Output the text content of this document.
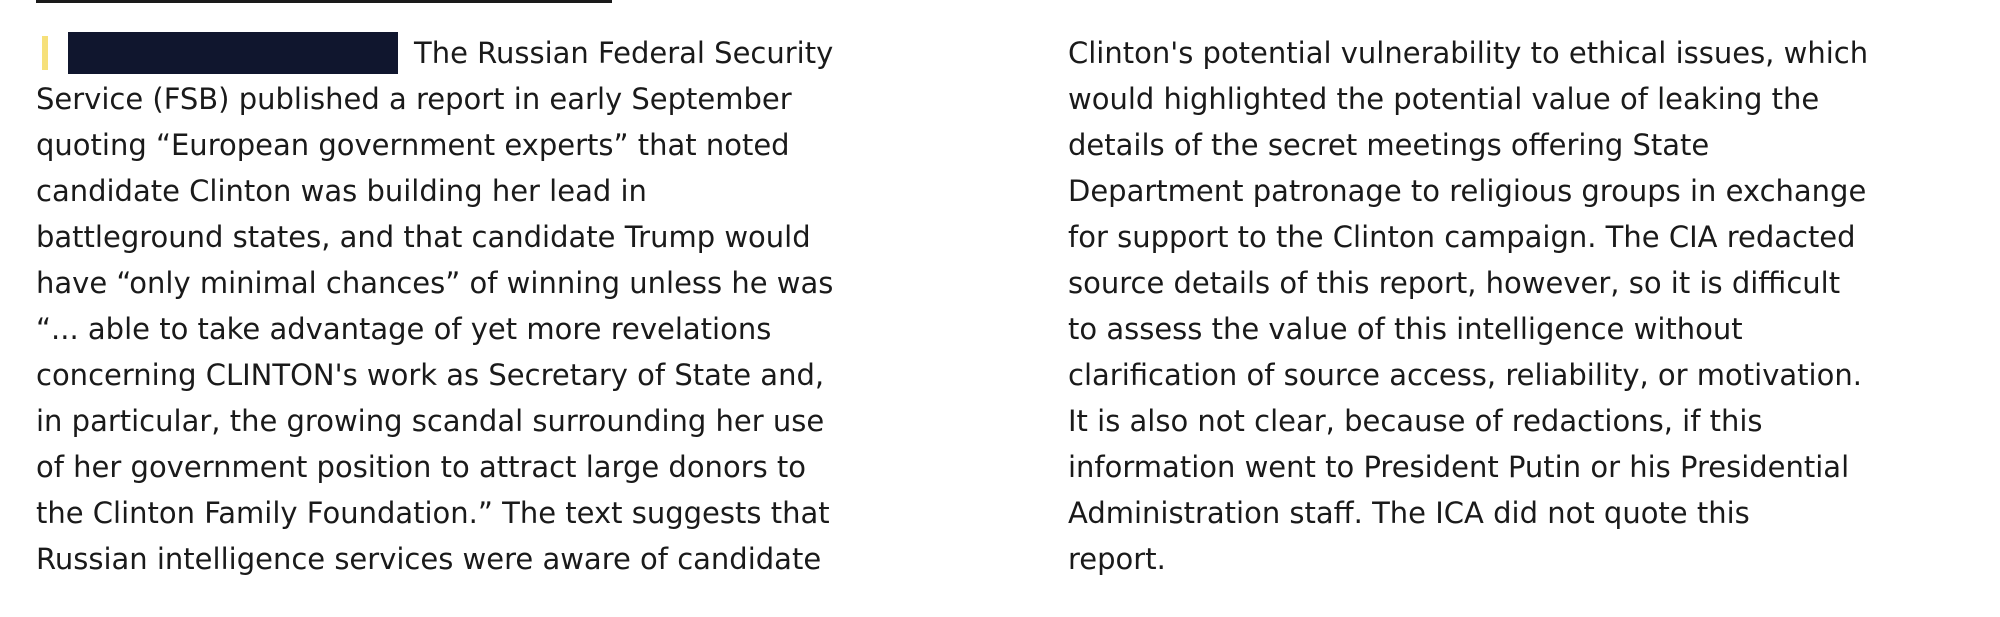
The Russian Federal Security
Service (FSB) published a report in early September
quoting “European government experts” that noted
candidate Clinton was building her lead in
battleground states, and that candidate Trump would
have “only minimal chances” of winning unless he was
“... able to take advantage of yet more revelations
concerning CLINTON's work as Secretary of State and,
in particular, the growing scandal surrounding her use
of her government position to attract large donors to
the Clinton Family Foundation.” The text suggests that
Russian intelligence services were aware of candidate
Clinton's potential vulnerability to ethical issues, which
would highlighted the potential value of leaking the
details of the secret meetings offering State
Department patronage to religious groups in exchange
for support to the Clinton campaign. The CIA redacted
source details of this report, however, so it is difficult
to assess the value of this intelligence without
clarification of source access, reliability, or motivation.
It is also not clear, because of redactions, if this
information went to President Putin or his Presidential
Administration staff. The ICA did not quote this
report.
